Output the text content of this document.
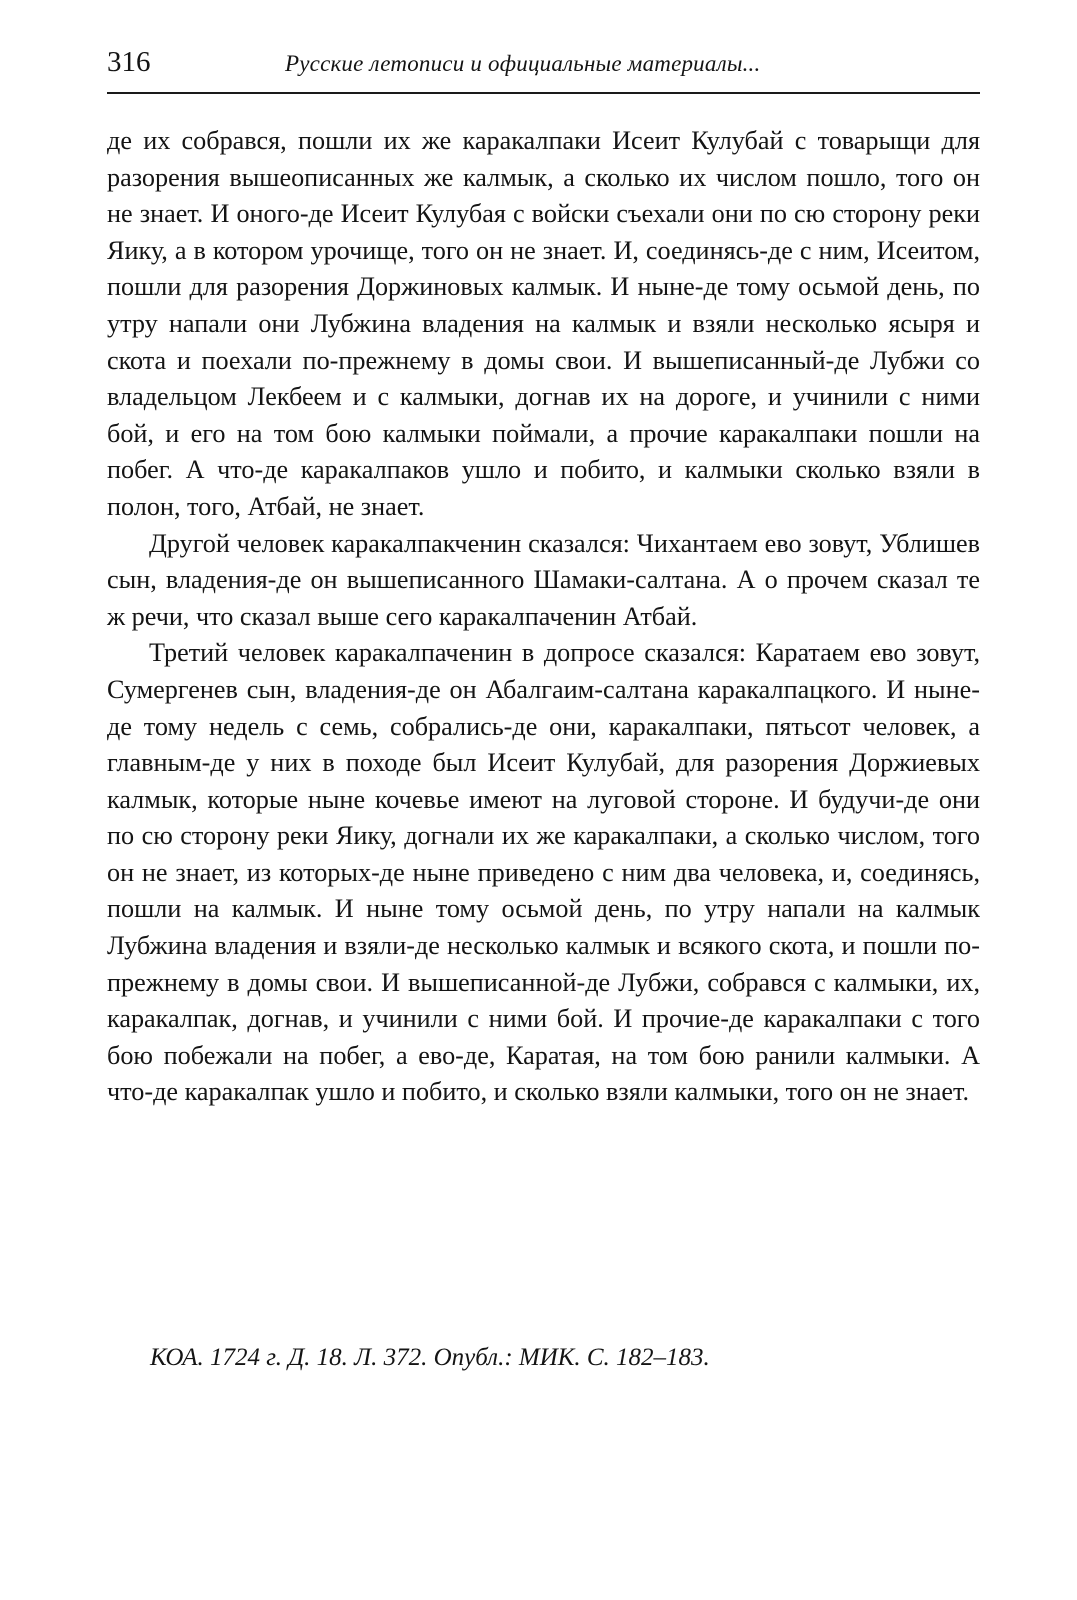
316	Русские летописи и официальные материалы...

де их собрався, пошли их же каракалпаки Исеит Кулубай с товарыщи для разорения вышеописанных же калмык, а сколько их числом пошло, того он не знает. И оного-де Исеит Кулубая с войски съехали они по сю сторону реки Яику, а в котором урочище, того он не знает. И, соединясь-де с ним, Исеитом, пошли для разорения Доржиновых калмык. И ныне-де тому осьмой день, по утру напали они Лубжина владения на калмык и взяли несколько ясыря и скота и поехали по-прежнему в домы свои. И вышеписанный-де Лубжи со владельцом Лекбеем и с калмыки, догнав их на дороге, и учинили с ними бой, и его на том бою калмыки поймали, а прочие каракалпаки пошли на побег. А что-де каракалпаков ушло и побито, и калмыки сколько взяли в полон, того, Атбай, не знает.

Другой человек каракалпакченин сказался: Чихантаем ево зовут, Ублишев сын, владения-де он вышеписанного Шамаки-салтана. А о прочем сказал те ж речи, что сказал выше сего каракалпаченин Атбай.

Третий человек каракалпаченин в допросе сказался: Каратаем ево зовут, Сумергенев сын, владения-де он Абалгаим-салтана каракалпацкого. И ныне-де тому недель с семь, собрались-де они, каракалпаки, пятьсот человек, а главным-де у них в походе был Исеит Кулубай, для разорения Доржиевых калмык, которые ныне кочевье имеют на луговой стороне. И будучи-де они по сю сторону реки Яику, догнали их же каракалпаки, а сколько числом, того он не знает, из которых-де ныне приведено с ним два человека, и, соединясь, пошли на калмык. И ныне тому осьмой день, по утру напали на калмык Лубжина владения и взяли-де несколько калмык и всякого скота, и пошли по-прежнему в домы свои. И вышеписанной-де Лубжи, собрався с калмыки, их, каракалпак, догнав, и учинили с ними бой. И прочие-де каракалпаки с того бою побежали на побег, а ево-де, Каратая, на том бою ранили калмыки. А что-де каракалпак ушло и побито, и сколько взяли калмыки, того он не знает.

КОА. 1724 г. Д. 18. Л. 372. Опубл.: МИК. С. 182–183.
